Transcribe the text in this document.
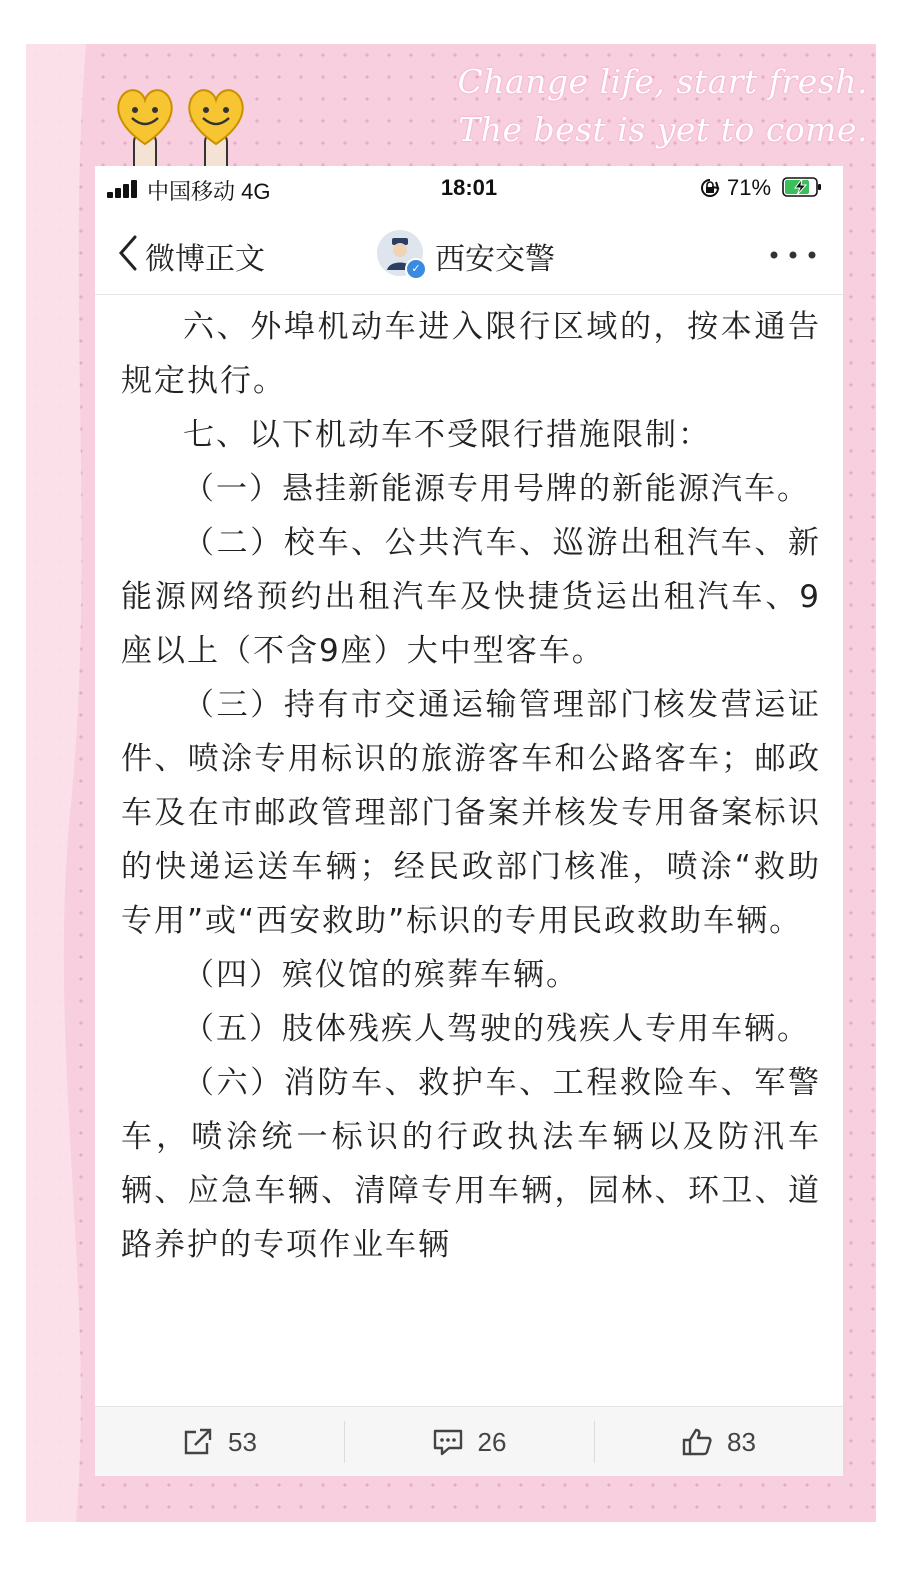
Change life, start fresh.
The best is yet to come.
中国移动 4G	18:01	71%
微博正文	✓ 西安交警

六、外埠机动车进入限行区域的，按本通告规定执行。

七、以下机动车不受限行措施限制：

（一）悬挂新能源专用号牌的新能源汽车。

（二）校车、公共汽车、巡游出租汽车、新能源网络预约出租汽车及快捷货运出租汽车、9座以上（不含9座）大中型客车。

（三）持有市交通运输管理部门核发营运证件、喷涂专用标识的旅游客车和公路客车；邮政车及在市邮政管理部门备案并核发专用备案标识的快递运送车辆；经民政部门核准，喷涂“救助专用”或“西安救助”标识的专用民政救助车辆。

（四）殡仪馆的殡葬车辆。

（五）肢体残疾人驾驶的残疾人专用车辆。

（六）消防车、救护车、工程救险车、军警车，喷涂统一标识的行政执法车辆以及防汛车辆、应急车辆、清障专用车辆，园林、环卫、道路养护的专项作业车辆

53	26	83
